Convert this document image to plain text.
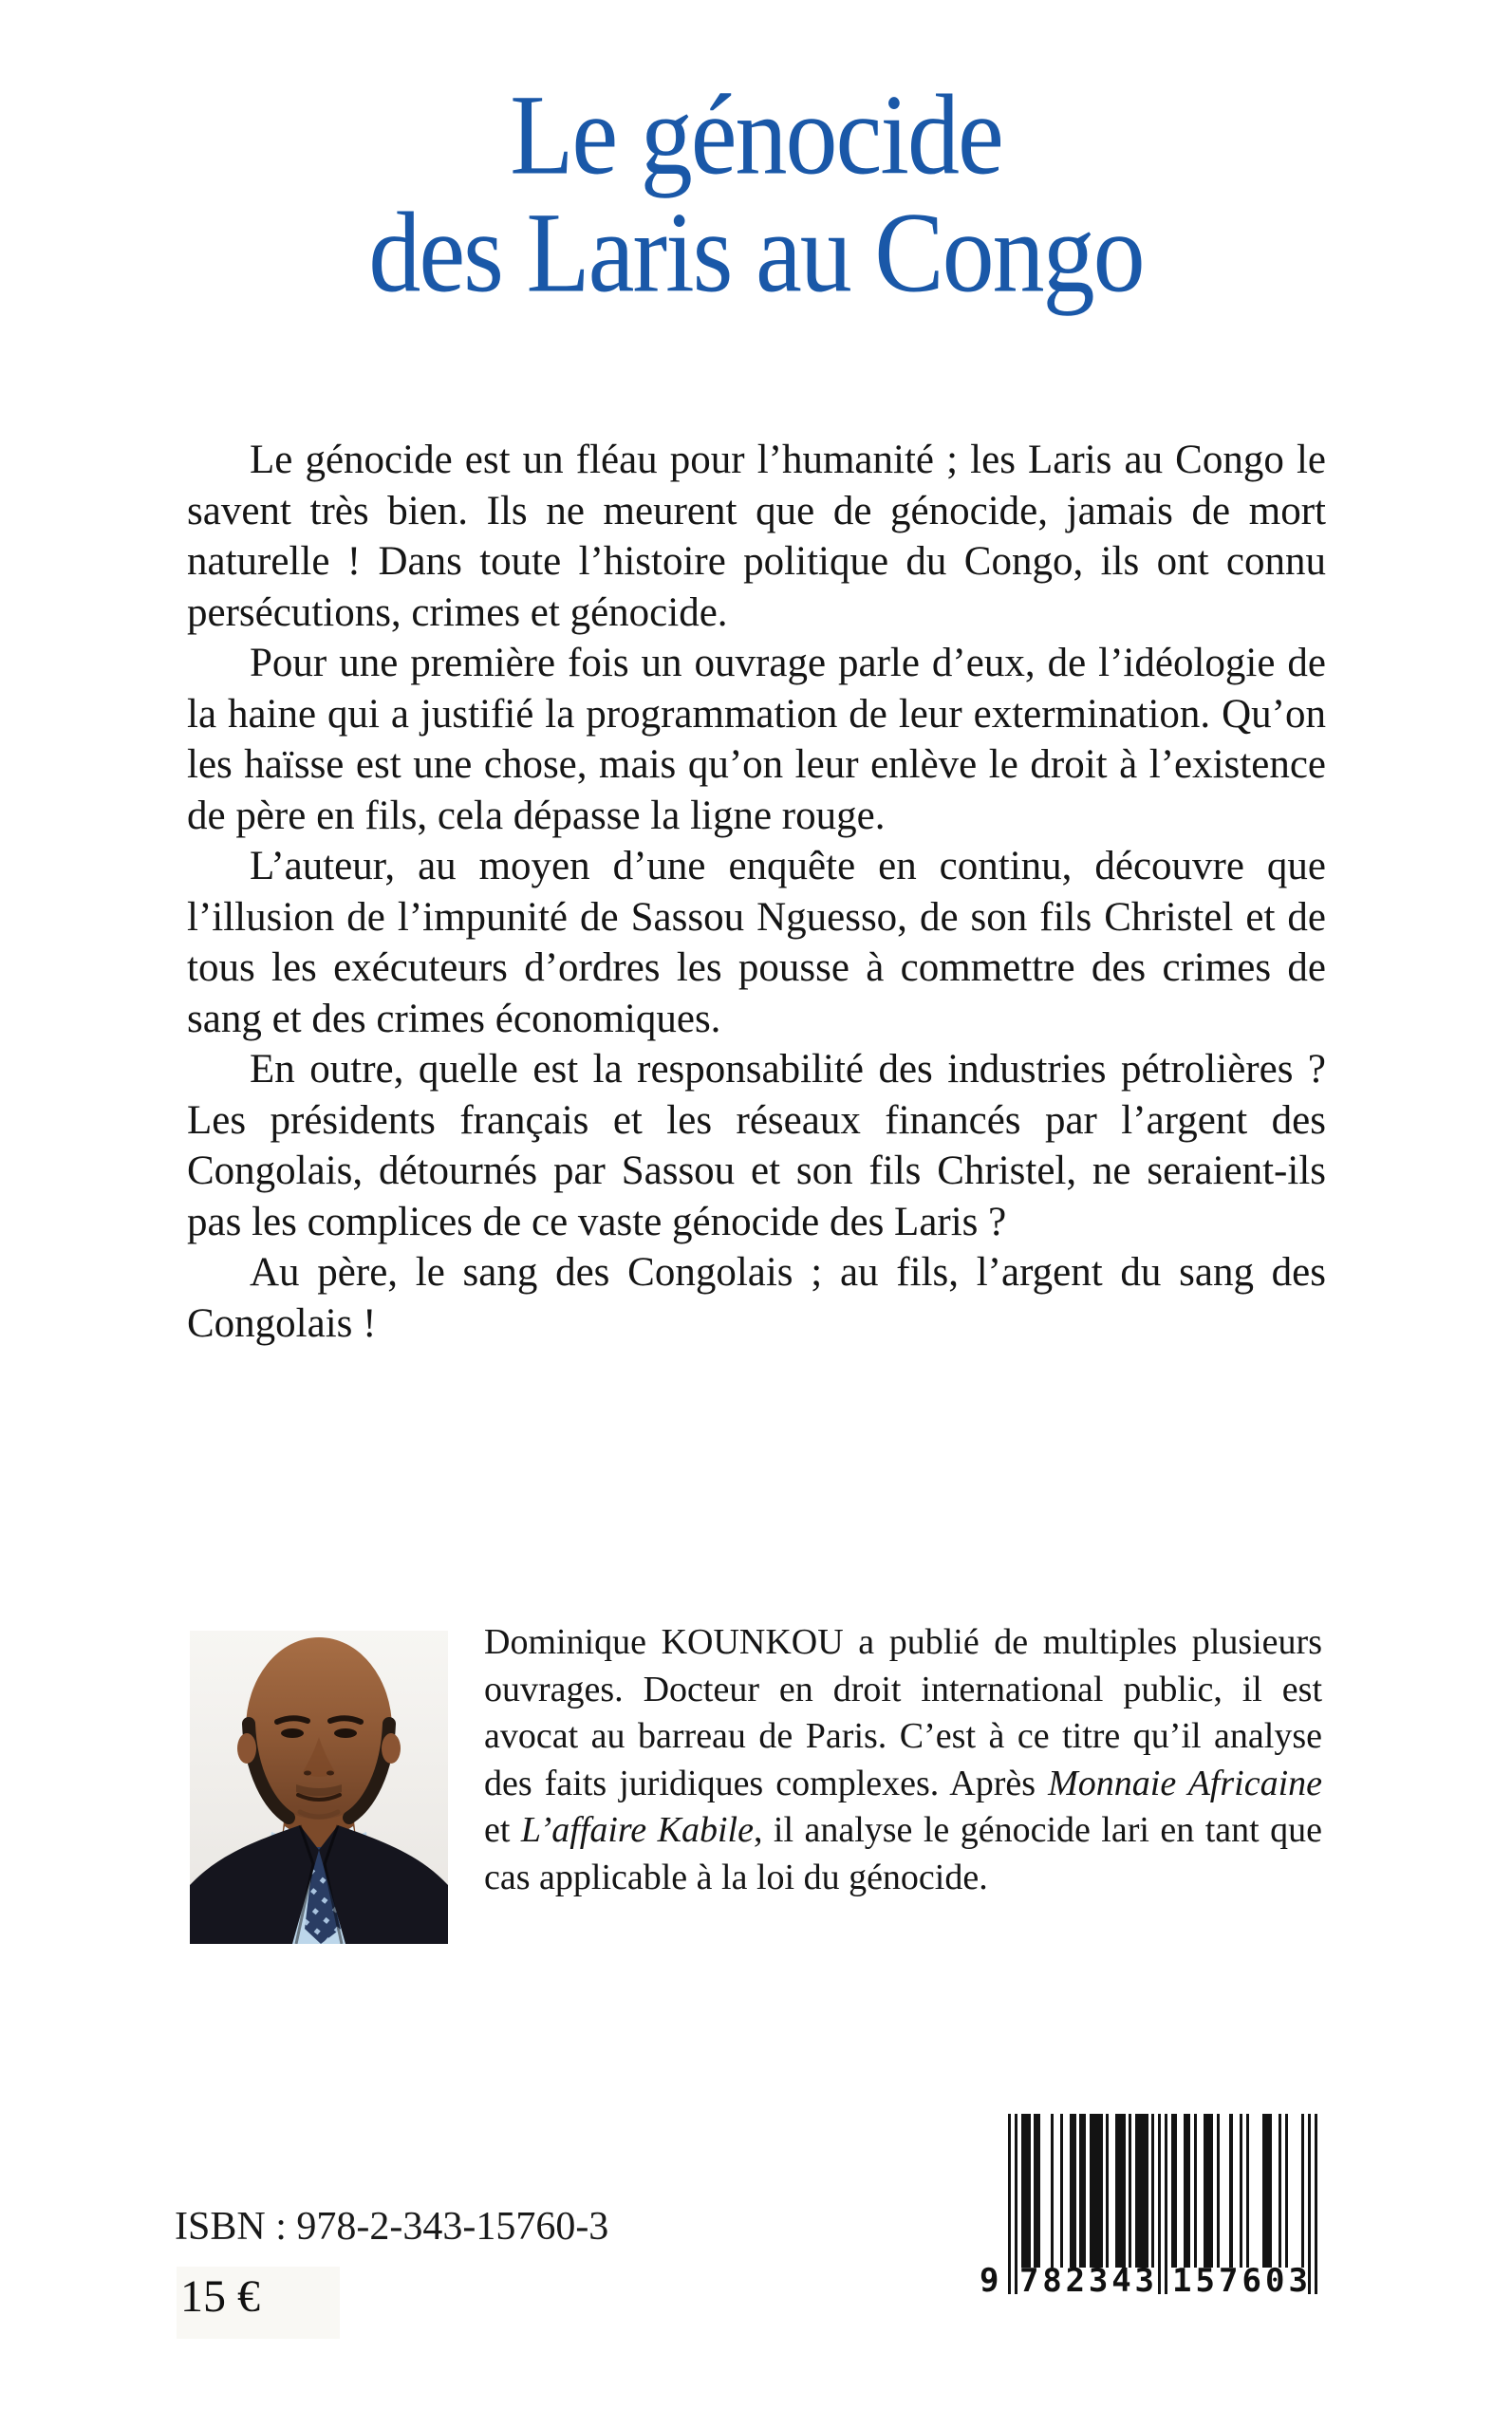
Le génocide
des Laris au Congo

Le génocide est un fléau pour l’humanité ; les Laris au Congo le savent très bien. Ils ne meurent que de génocide, jamais de mort naturelle ! Dans toute l’histoire politique du Congo, ils ont connu persécutions, crimes et génocide.

Pour une première fois un ouvrage parle d’eux, de l’idéologie de la haine qui a justifié la programmation de leur extermination. Qu’on les haïsse est une chose, mais qu’on leur enlève le droit à l’existence de père en fils, cela dépasse la ligne rouge.

L’auteur, au moyen d’une enquête en continu, découvre que l’illusion de l’impunité de Sassou Nguesso, de son fils Christel et de tous les exécuteurs d’ordres les pousse à commettre des crimes de sang et des crimes économiques.

En outre, quelle est la responsabilité des industries pétrolières ? Les présidents français et les réseaux financés par l’argent des Congolais, détournés par Sassou et son fils Christel, ne seraient-ils pas les complices de ce vaste génocide des Laris ?

Au père, le sang des Congolais ; au fils, l’argent du sang des Congolais !

Dominique KOUNKOU a publié de multiples plusieurs ouvrages. Docteur en droit international public, il est avocat au barreau de Paris. C’est à ce titre qu’il analyse des faits juridiques complexes. Après Monnaie Africaine et L’affaire Kabile, il analyse le génocide lari en tant que cas applicable à la loi du génocide.

ISBN : 978-2-343-15760-3
15 €	9 7 8 2 3 4 3 1 5 7 6 0 3
